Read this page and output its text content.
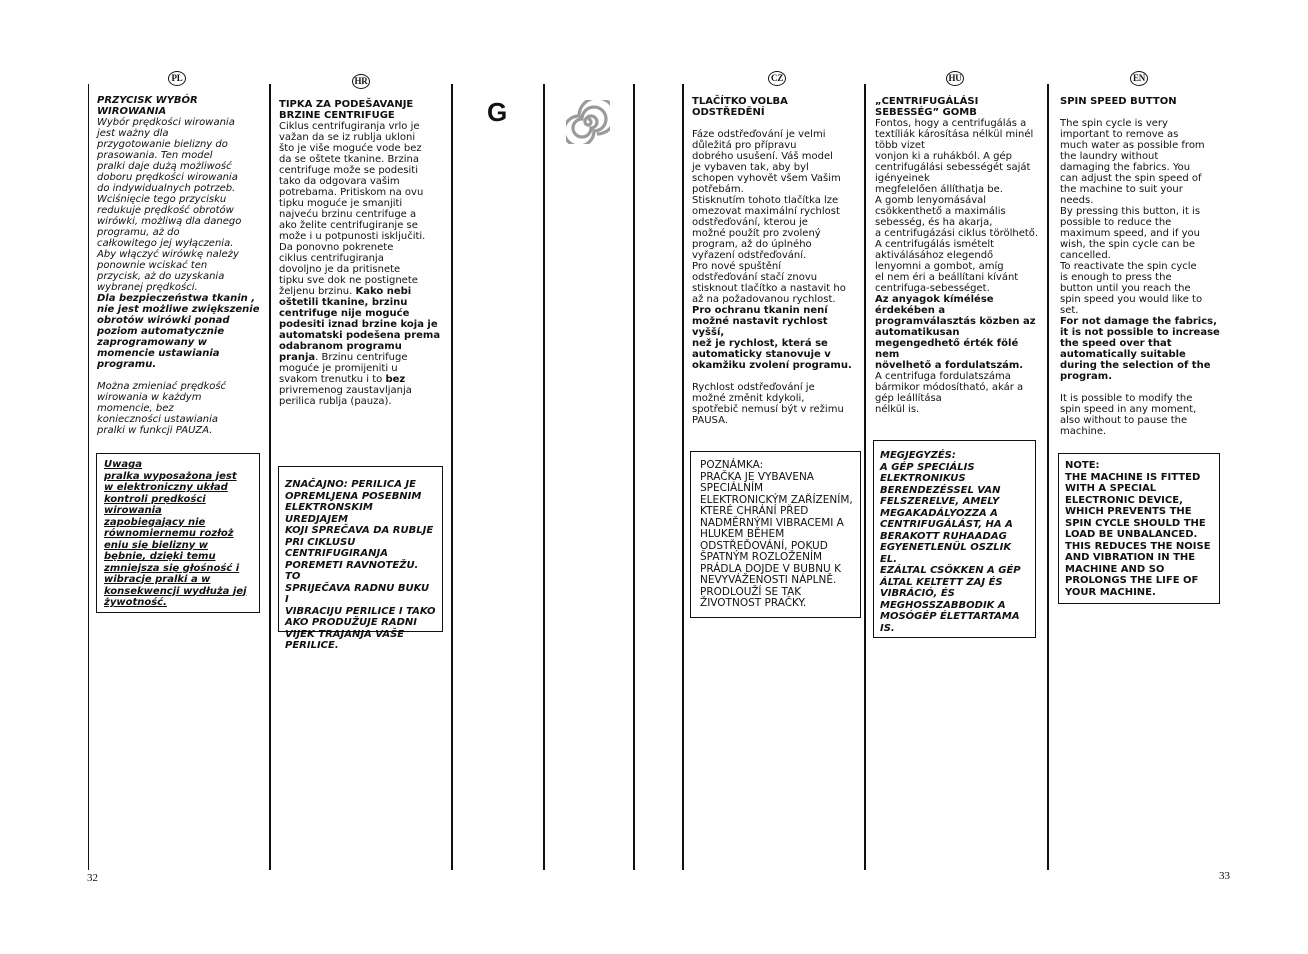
PL	HR	CZ	HU	EN
G

PRZYCISK WYBÓR
WIROWANIA

Wybór prędkości wirowania
jest ważny dla
przygotowanie bielizny do
prasowania. Ten model
pralki daje dużą możliwość
doboru prędkości wirowania
do indywidualnych potrzeb.
Wciśnięcie tego przycisku
redukuje prędkość obrotów
wirówki, możliwą dla danego
programu, aż do
całkowitego jej wyłączenia.
Aby włączyć wirówkę należy
ponownie wciskać ten
przycisk, aż do uzyskania
wybranej prędkości.

Dla bezpieczeństwa tkanin ,
nie jest możliwe zwiększenie
obrotów wirówki ponad
poziom automatycznie
zaprogramowany w
momencie ustawiania
programu.

Można zmieniać prędkość
wirowania w każdym
momencie, bez
konieczności ustawiania
pralki w funkcji PAUZA.

Uwaga
pralka wyposażona jest
w elektroniczny układ
kontroli prędkości
wirowania
zapobiegający nie
równomiernemu rozłoż
eniu się bielizny w
bębnie, dzięki temu
zmniejsza się głośność i
wibracje pralki a w
konsekwencji wydłuża jej
żywotność.

TIPKA ZA PODEŠAVANJE
BRZINE CENTRIFUGE

Ciklus centrifugiranja vrlo je
važan da se iz rublja ukloni
što je više moguće vode bez
da se oštete tkanine. Brzina
centrifuge može se podesiti
tako da odgovara vašim
potrebama. Pritiskom na ovu
tipku moguće je smanjiti
najveću brzinu centrifuge a
ako želite centrifugiranje se
može i u potpunosti isključiti.
Da ponovno pokrenete
ciklus centrifugiranja
dovoljno je da pritisnete
tipku sve dok ne postignete
željenu brzinu. Kako nebi
oštetili tkanine, brzinu
centrifuge nije moguće
podesiti iznad brzine koja je
automatski podešena prema
odabranom programu
pranja. Brzinu centrifuge
moguće je promijeniti u
svakom trenutku i to bez
privremenog zaustavljanja
perilica rublja (pauza).

ZNAČAJNO: PERILICA JE
OPREMLJENA POSEBNIM
ELEKTRONSKIM UREDJAJEM
KOJI SPREČAVA DA RUBLJE
PRI CIKLUSU
CENTRIFUGIRANJA
POREMETI RAVNOTEŽU. TO
SPRIJEČAVA RADNU BUKU I
VIBRACIJU PERILICE I TAKO
AKO PRODUŽUJE RADNI
VIJEK TRAJANJA VAŠE
PERILICE.

TLAČÍTKO VOLBA ODSTŘEDĚNÍ

Fáze odstřeďování je velmi
důležitá pro přípravu
dobrého usušení. Váš model
je vybaven tak, aby byl
schopen vyhovět všem Vašim
potřebám.
Stisknutím tohoto tlačítka lze
omezovat maximální rychlost
odstřeďování, kterou je
možné použít pro zvolený
program, až do úplného
vyřazení odstřeďování.
Pro nové spuštění
odstřeďování stačí znovu
stisknout tlačítko a nastavit ho
až na požadovanou rychlost.

Pro ochranu tkanin není
možné nastavit rychlost vyšší,
než je rychlost, která se
automaticky stanovuje v
okamžiku zvolení programu.

Rychlost odstřeďování je
možné změnit kdykoli,
spotřebič nemusí být v režimu
PAUSA.

POZNÁMKA:
PRAČKA JE VYBAVENA
SPECIÁLNÍM
ELEKTRONICKÝM ZAŘÍZENÍM,
KTERÉ CHRÁNÍ PŘED
NADMĚRNÝMI VIBRACEMI A
HLUKEM BĚHEM
ODSTŘEĎOVÁNÍ, POKUD
ŠPATNÝM ROZLOŽENÍM
PRÁDLA DOJDE V BUBNU K
NEVYVÁŽENOSTI NÁPLNĚ.
PRODLOUŽÍ SE TAK
ŽIVOTNOST PRAČKY.

„CENTRIFUGÁLÁSI
SEBESSÉG” GOMB

Fontos, hogy a centrifugálás a
textíliák károsítása nélkül minél
több vizet
vonjon ki a ruhákból. A gép
centrifugálási sebességét saját
igényeinek
megfelelően állíthatja be.
A gomb lenyomásával
csökkenthető a maximális
sebesség, és ha akarja,
a centrifugázási ciklus törölhető.
A centrifugálás ismételt
aktiválásához elegendő
lenyomni a gombot, amíg
el nem éri a beállítani kívánt
centrifuga-sebességet.

Az anyagok kímélése
érdekében a
programválasztás közben az
automatikusan
megengedhető érték fölé nem
növelhető a fordulatszám.

A centrifuga fordulatszáma
bármikor módosítható, akár a
gép leállítása
nélkül is.

MEGJEGYZÉS:
A GÉP SPECIÁLIS
ELEKTRONIKUS
BERENDEZÉSSEL VAN
FELSZERELVE, AMELY
MEGAKADÁLYOZZA A
CENTRIFUGÁLÁST, HA A
BERAKOTT RUHAADAG
EGYENETLENÜL OSZLIK EL.
EZÁLTAL CSÖKKEN A GÉP
ÁLTAL KELTETT ZAJ ÉS
VIBRÁCIÓ, ÉS
MEGHOSSZABBODIK A
MOSÓGÉP ÉLETTARTAMA IS.

SPIN SPEED BUTTON

The spin cycle is very
important to remove as
much water as possible from
the laundry without
damaging the fabrics. You
can adjust the spin speed of
the machine to suit your
needs.
By pressing this button, it is
possible to reduce the
maximum speed, and if you
wish, the spin cycle can be
cancelled.
To reactivate the spin cycle
is enough to press the
button until you reach the
spin speed you would like to
set.

For not damage the fabrics,
it is not possible to increase
the speed over that
automatically suitable
during the selection of the
program.

It is possible to modify the
spin speed in any moment,
also without to pause the
machine.

NOTE:
THE MACHINE IS FITTED
WITH A SPECIAL
ELECTRONIC DEVICE,
WHICH PREVENTS THE
SPIN CYCLE SHOULD THE
LOAD BE UNBALANCED.
THIS REDUCES THE NOISE
AND VIBRATION IN THE
MACHINE AND SO
PROLONGS THE LIFE OF
YOUR MACHINE.
32	33
